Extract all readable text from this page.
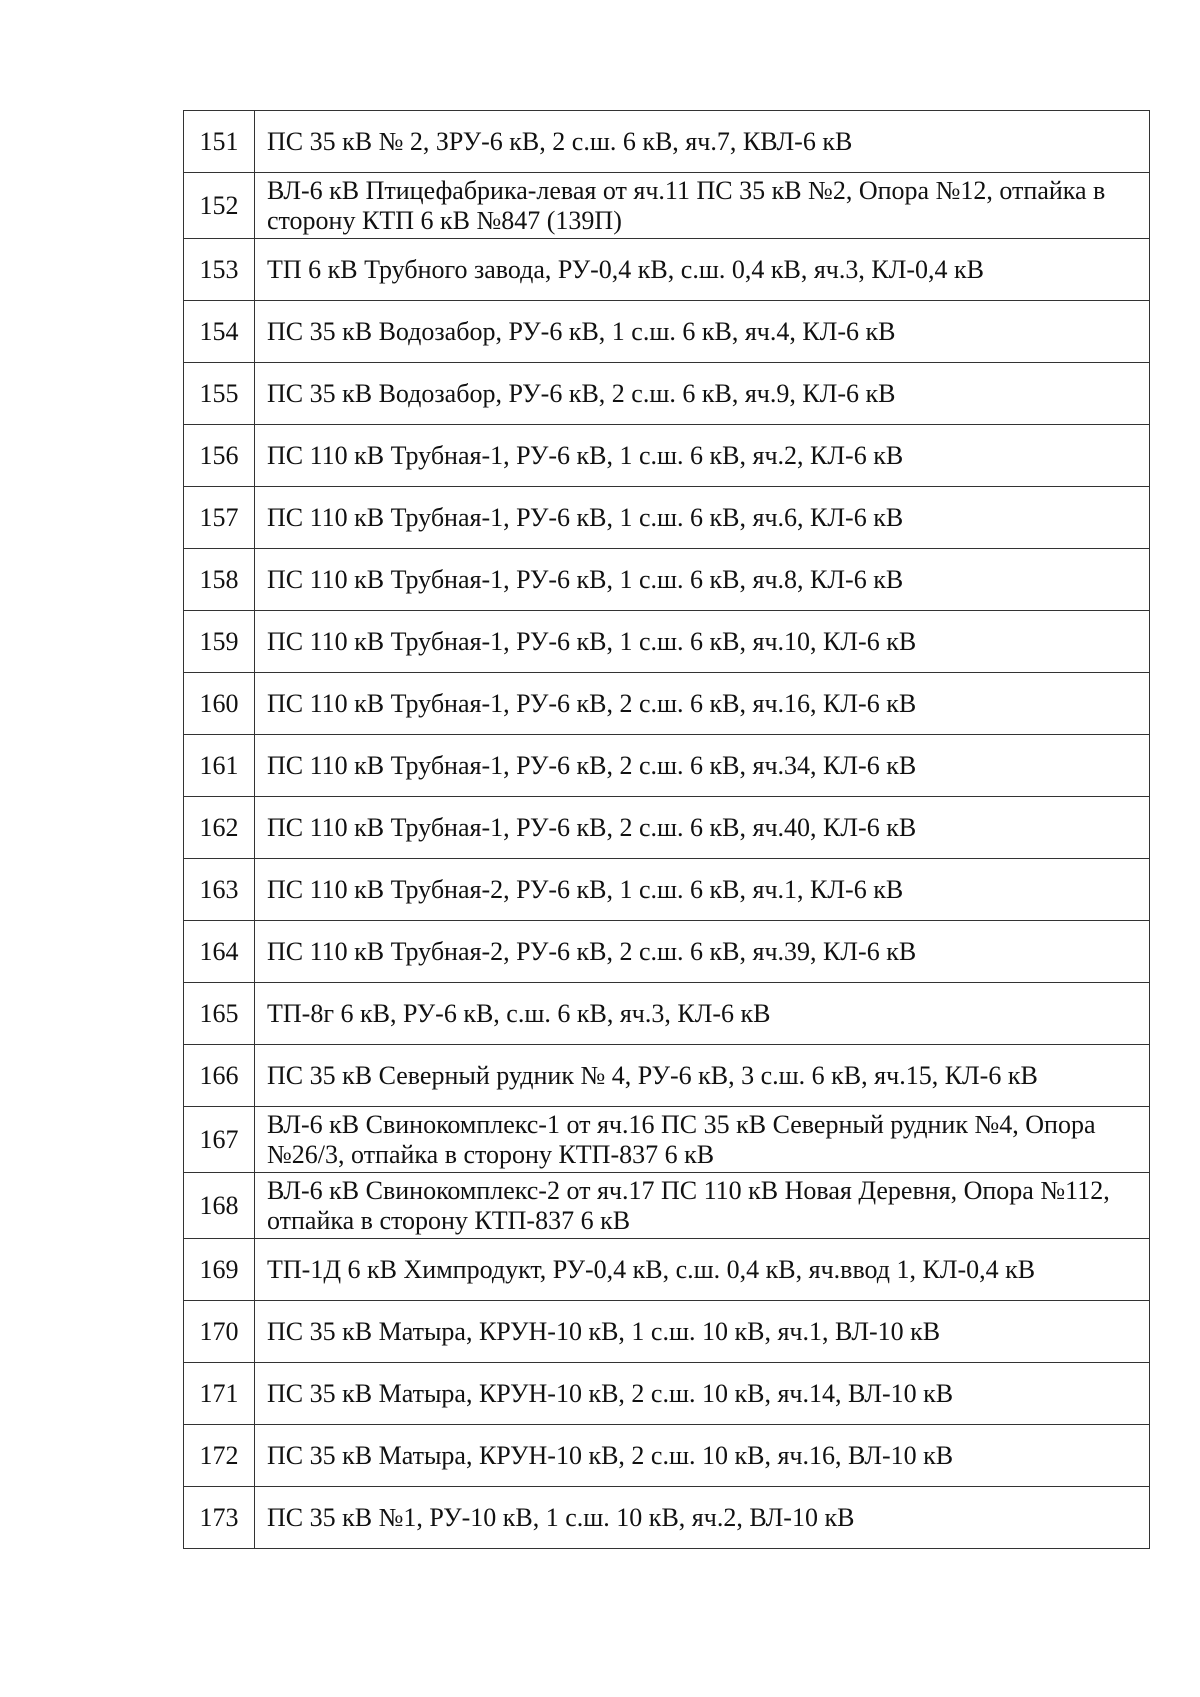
151	ПС 35 кВ № 2, ЗРУ-6 кВ, 2 с.ш. 6 кВ, яч.7, КВЛ-6 кВ
152	ВЛ-6 кВ Птицефабрика-левая от яч.11 ПС 35 кВ №2, Опора №12, отпайка в сторону КТП 6 кВ №847 (139П)
153	ТП 6 кВ Трубного завода, РУ-0,4 кВ, с.ш. 0,4 кВ, яч.3, КЛ-0,4 кВ
154	ПС 35 кВ Водозабор, РУ-6 кВ, 1 с.ш. 6 кВ, яч.4, КЛ-6 кВ
155	ПС 35 кВ Водозабор, РУ-6 кВ, 2 с.ш. 6 кВ, яч.9, КЛ-6 кВ
156	ПС 110 кВ Трубная-1, РУ-6 кВ, 1 с.ш. 6 кВ, яч.2, КЛ-6 кВ
157	ПС 110 кВ Трубная-1, РУ-6 кВ, 1 с.ш. 6 кВ, яч.6, КЛ-6 кВ
158	ПС 110 кВ Трубная-1, РУ-6 кВ, 1 с.ш. 6 кВ, яч.8, КЛ-6 кВ
159	ПС 110 кВ Трубная-1, РУ-6 кВ, 1 с.ш. 6 кВ, яч.10, КЛ-6 кВ
160	ПС 110 кВ Трубная-1, РУ-6 кВ, 2 с.ш. 6 кВ, яч.16, КЛ-6 кВ
161	ПС 110 кВ Трубная-1, РУ-6 кВ, 2 с.ш. 6 кВ, яч.34, КЛ-6 кВ
162	ПС 110 кВ Трубная-1, РУ-6 кВ, 2 с.ш. 6 кВ, яч.40, КЛ-6 кВ
163	ПС 110 кВ Трубная-2, РУ-6 кВ, 1 с.ш. 6 кВ, яч.1, КЛ-6 кВ
164	ПС 110 кВ Трубная-2, РУ-6 кВ, 2 с.ш. 6 кВ, яч.39, КЛ-6 кВ
165	ТП-8г 6 кВ, РУ-6 кВ, с.ш. 6 кВ, яч.3, КЛ-6 кВ
166	ПС 35 кВ Северный рудник № 4, РУ-6 кВ, 3 с.ш. 6 кВ, яч.15, КЛ-6 кВ
167	ВЛ-6 кВ Свинокомплекс-1 от яч.16 ПС 35 кВ Северный рудник №4, Опора №26/3, отпайка в сторону КТП-837 6 кВ
168	ВЛ-6 кВ Свинокомплекс-2 от яч.17 ПС 110 кВ Новая Деревня, Опора №112, отпайка в сторону КТП-837 6 кВ
169	ТП-1Д 6 кВ Химпродукт, РУ-0,4 кВ, с.ш. 0,4 кВ, яч.ввод 1, КЛ-0,4 кВ
170	ПС 35 кВ Матыра, КРУН-10 кВ, 1 с.ш. 10 кВ, яч.1, ВЛ-10 кВ
171	ПС 35 кВ Матыра, КРУН-10 кВ, 2 с.ш. 10 кВ, яч.14, ВЛ-10 кВ
172	ПС 35 кВ Матыра, КРУН-10 кВ, 2 с.ш. 10 кВ, яч.16, ВЛ-10 кВ
173	ПС 35 кВ №1, РУ-10 кВ, 1 с.ш. 10 кВ, яч.2, ВЛ-10 кВ
